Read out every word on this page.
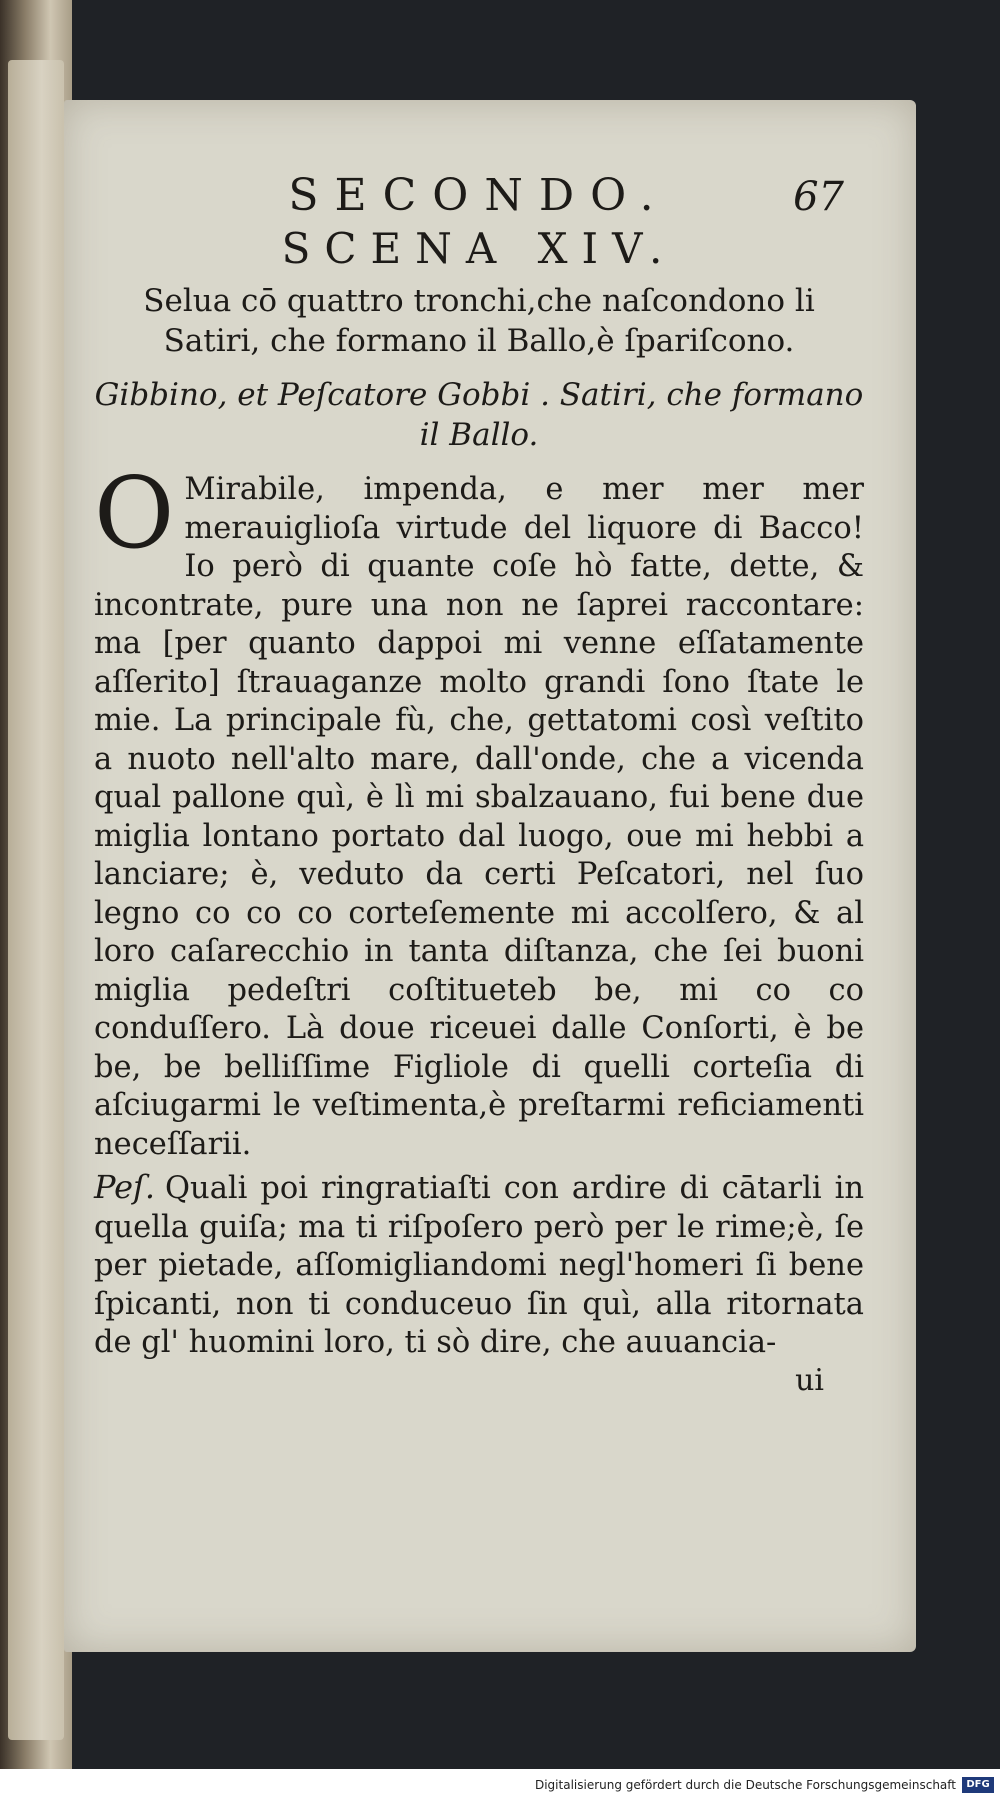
SECONDO.	67
SCENA XIV.

Selua cō quattro tronchi,che naſcondono li Satiri, che formano il Ballo,è ſpariſcono.

Gibbino, et Peſcatore Gobbi . Satiri, che formano il Ballo.

O Mirabile, impenda, e mer mer mer merauiglioſa virtude del liquore di Bacco! Io però di quante coſe hò fatte, dette, & incontrate, pure una non ne ſaprei raccontare: ma [per quanto dappoi mi venne eſſatamente aſſerito] ſtrauaganze molto grandi ſono ſtate le mie. La principale fù, che, gettatomi così veſtito a nuoto nell'alto mare, dall'onde, che a vicenda qual pallone quì, è lì mi sbalzauano, fui bene due miglia lontano portato dal luogo, oue mi hebbi a lanciare; è, veduto da certi Peſcatori, nel ſuo legno co co co corteſemente mi accolſero, & al loro caſarecchio in tanta diſtanza, che ſei buoni miglia pedeſtri coſtitueteb be, mi co co conduſſero. Là doue riceuei dalle Conſorti, è be be, be belliſſime Figliole di quelli corteſia di aſciugarmi le veſtimenta,è preſtarmi reficiamenti neceſſarii.

Peſ. Quali poi ringratiaſti con ardire di cātarli in quella guiſa; ma ti riſpoſero però per le rime;è, ſe per pietade, aſſomigliandomi negl'homeri ſi bene ſpicanti, non ti conduceuo ſin quì, alla ritornata de gl' huomini loro, ti sò dire, che auuancia-

ui

Digitalisierung gefördert durch die Deutsche Forschungsgemeinschaft	DFG
